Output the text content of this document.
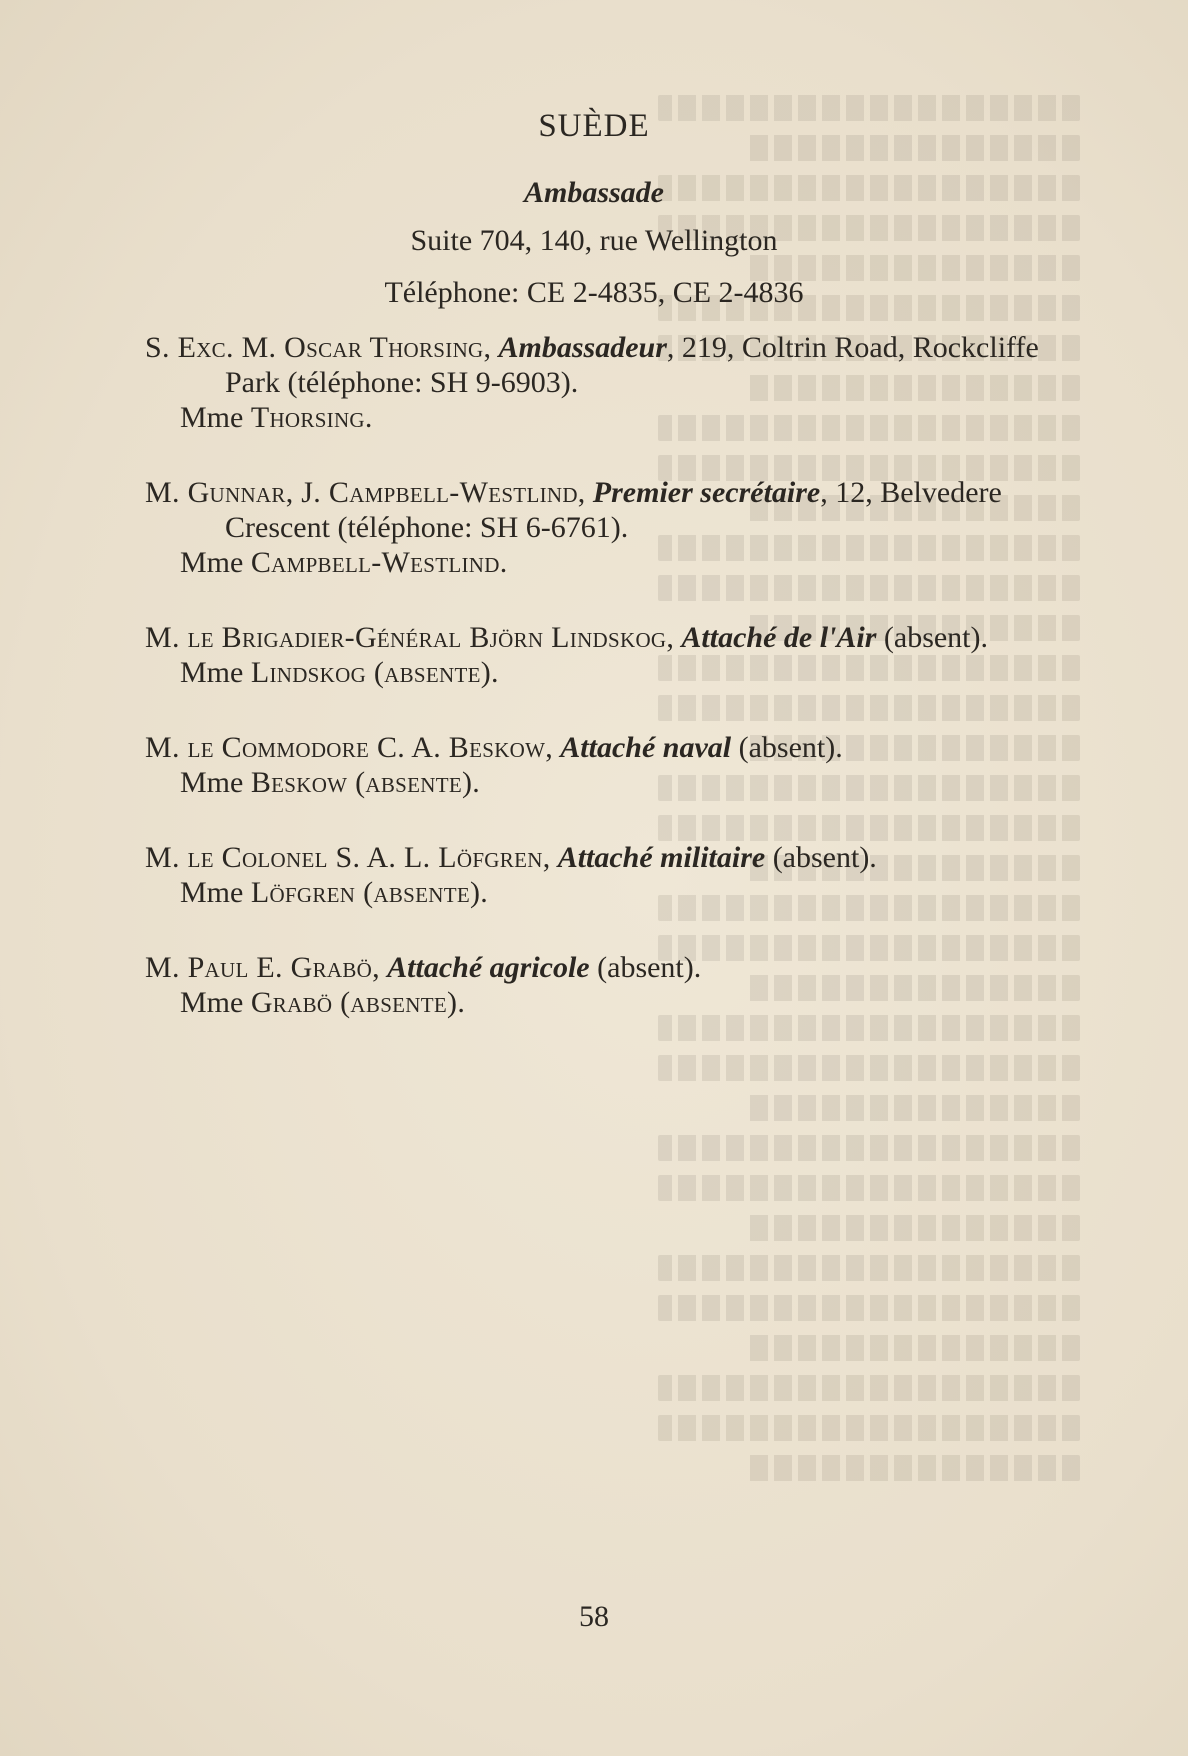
SUÈDE
Ambassade
Suite 704, 140, rue Wellington
Téléphone: CE 2-4835, CE 2-4836

S. Exc. M. Oscar Thorsing, Ambassadeur, 219, Coltrin Road, Rockcliffe Park (téléphone: SH 9-6903).

Mme Thorsing.

M. Gunnar, J. Campbell-Westlind, Premier secrétaire, 12, Belvedere Crescent (téléphone: SH 6-6761).

Mme Campbell-Westlind.

M. le Brigadier-Général Björn Lindskog, Attaché de l'Air (absent).

Mme Lindskog (absente).

M. le Commodore C. A. Beskow, Attaché naval (absent).

Mme Beskow (absente).

M. le Colonel S. A. L. Löfgren, Attaché militaire (absent).

Mme Löfgren (absente).

M. Paul E. Grabö, Attaché agricole (absent).

Mme Grabö (absente).

58
